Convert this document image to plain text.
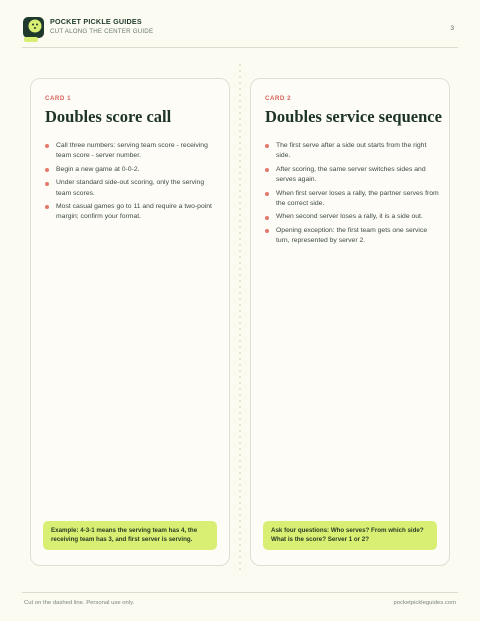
POCKET PICKLE GUIDES
CUT ALONG THE CENTER GUIDE	3
CARD 1
Doubles score call
Call three numbers: serving team score - receiving team score - server number.
Begin a new game at 0-0-2.
Under standard side-out scoring, only the serving team scores.
Most casual games go to 11 and require a two-point margin; confirm your format.
Example: 4-3-1 means the serving team has 4, the receiving team has 3, and first server is serving.
CARD 2
Doubles service sequence
The first serve after a side out starts from the right side.
After scoring, the same server switches sides and serves again.
When first server loses a rally, the partner serves from the correct side.
When second server loses a rally, it is a side out.
Opening exception: the first team gets one service turn, represented by server 2.
Ask four questions: Who serves? From which side? What is the score? Server 1 or 2?
Cut on the dashed line. Personal use only.	pocketpickleguides.com
